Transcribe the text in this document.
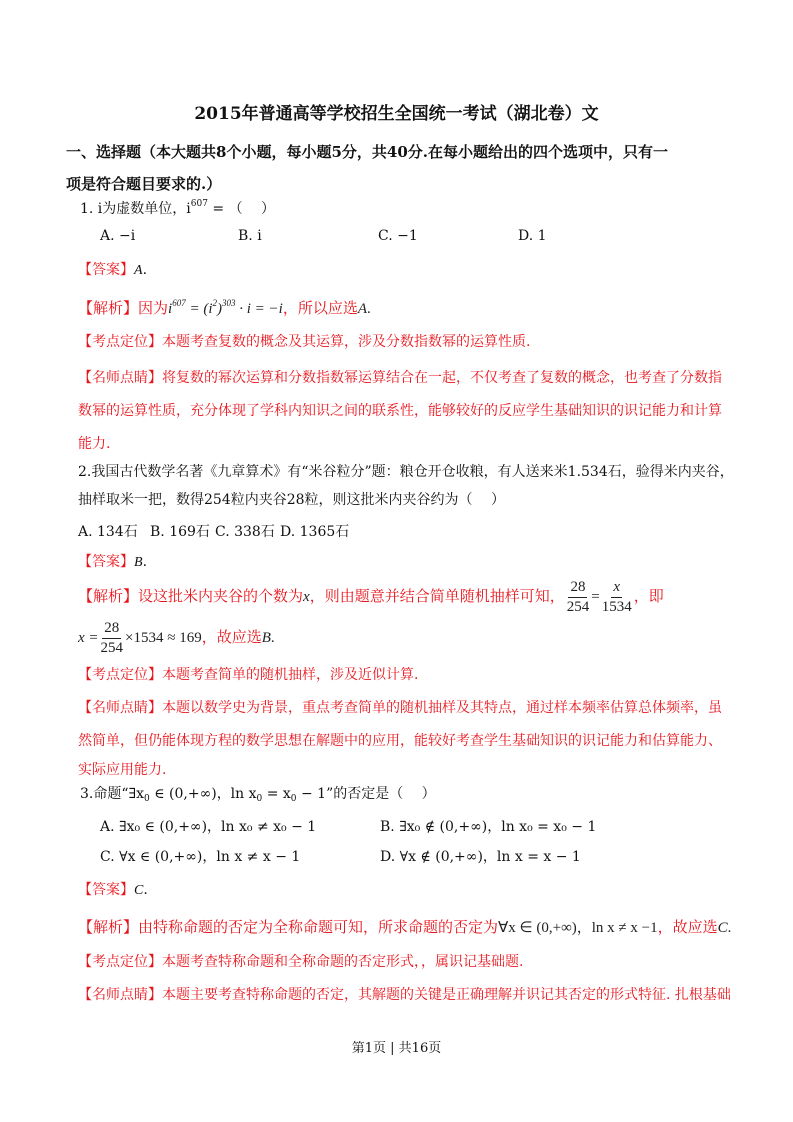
2015年普通高等学校招生全国统一考试（湖北卷）文
一、选择题（本大题共8个小题，每小题5分，共40分.在每小题给出的四个选项中，只有一
项是符合题目要求的.）
1. i为虚数单位，$i^{607}$ = （　 ）
A. −i	B. i	C. −1	D. 1
【答案】A.
【解析】因为$i^{607} = (i^2)^{303} \cdot i = -i$，所以应选A.
【考点定位】本题考查复数的概念及其运算，涉及分数指数幂的运算性质.
【名师点睛】将复数的幂次运算和分数指数幂运算结合在一起，不仅考查了复数的概念，也考查了分数指
数幂的运算性质，充分体现了学科内知识之间的联系性，能够较好的反应学生基础知识的识记能力和计算
能力.
2.我国古代数学名著《九章算术》有“米谷粒分”题：粮仓开仓收粮，有人送来米1.534石，验得米内夹谷，
抽样取米一把，数得254粒内夹谷28粒，则这批米内夹谷约为（　 ）
A. 134石 B. 169石 C. 338石 D. 1365石
【答案】B.
【解析】设这批米内夹谷的个数为x，则由题意并结合简单随机抽样可知， $\frac{28}{254} = \frac{x}{1534}$ ，即
$x = \frac{28}{254} \times 1534 \approx 169$，故应选B.
【考点定位】本题考查简单的随机抽样，涉及近似计算.
【名师点睛】本题以数学史为背景，重点考查简单的随机抽样及其特点，通过样本频率估算总体频率，虽
然简单，但仍能体现方程的数学思想在解题中的应用，能较好考查学生基础知识的识记能力和估算能力、
实际应用能力.
3.命题“$\exists x_0$ ∈ (0,+∞)，$\ln x_0 = x_0 - 1$”的否定是（　 ）
A. ∃x₀ ∈ (0,+∞)，ln x₀ ≠ x₀ − 1	B. ∃x₀ ∉ (0,+∞)，ln x₀ = x₀ − 1
C. ∀x ∈ (0,+∞)，ln x ≠ x − 1	D. ∀x ∉ (0,+∞)，ln x = x − 1
【答案】C.
【解析】由特称命题的否定为全称命题可知，所求命题的否定为∀x ∈ (0,+∞)，ln x ≠ x −1，故应选C.
【考点定位】本题考查特称命题和全称命题的否定形式，，属识记基础题.
【名师点睛】本题主要考查特称命题的否定，其解题的关键是正确理解并识记其否定的形式特征. 扎根基础
第1页 | 共16页
